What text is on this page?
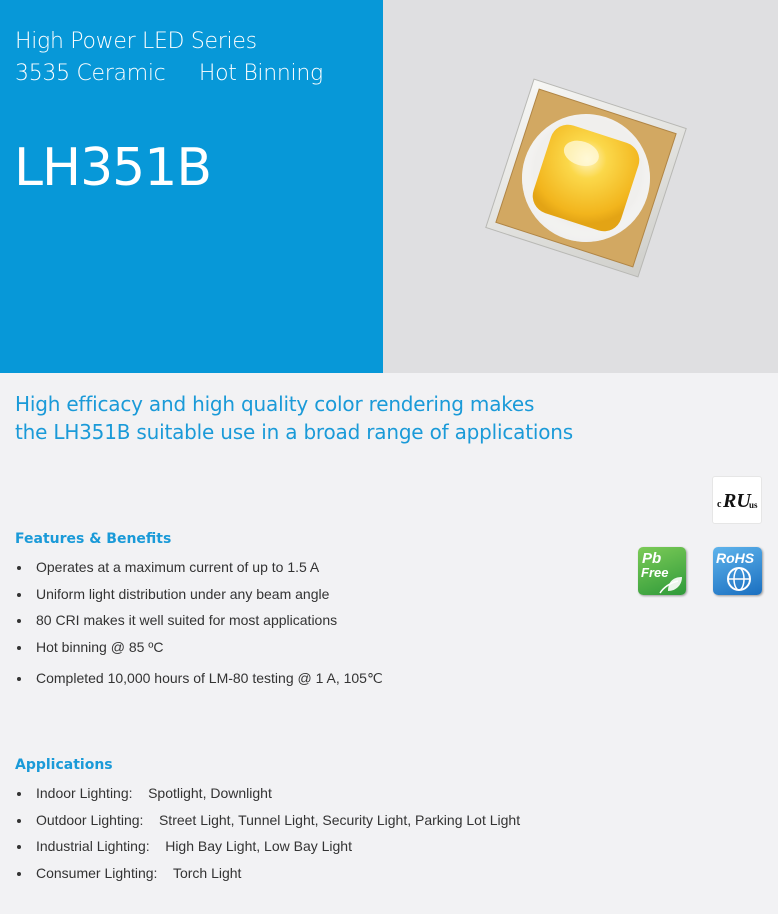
High Power LED Series
3535 Ceramic     Hot Binning
LH351B
High efficacy and high quality color rendering makes
the LH351B suitable use in a broad range of applications
c RU
us
Pb
Free
RoHS
Features & Benefits
Operates at a maximum current of up to 1.5 A
Uniform light distribution under any beam angle
80 CRI makes it well suited for most applications
Hot binning @ 85 ºC
Completed 10,000 hours of LM-80 testing @ 1 A, 105℃
Applications
Indoor Lighting: Spotlight, Downlight
Outdoor Lighting: Street Light, Tunnel Light, Security Light, Parking Lot Light
Industrial Lighting: High Bay Light, Low Bay Light
Consumer Lighting: Torch Light
